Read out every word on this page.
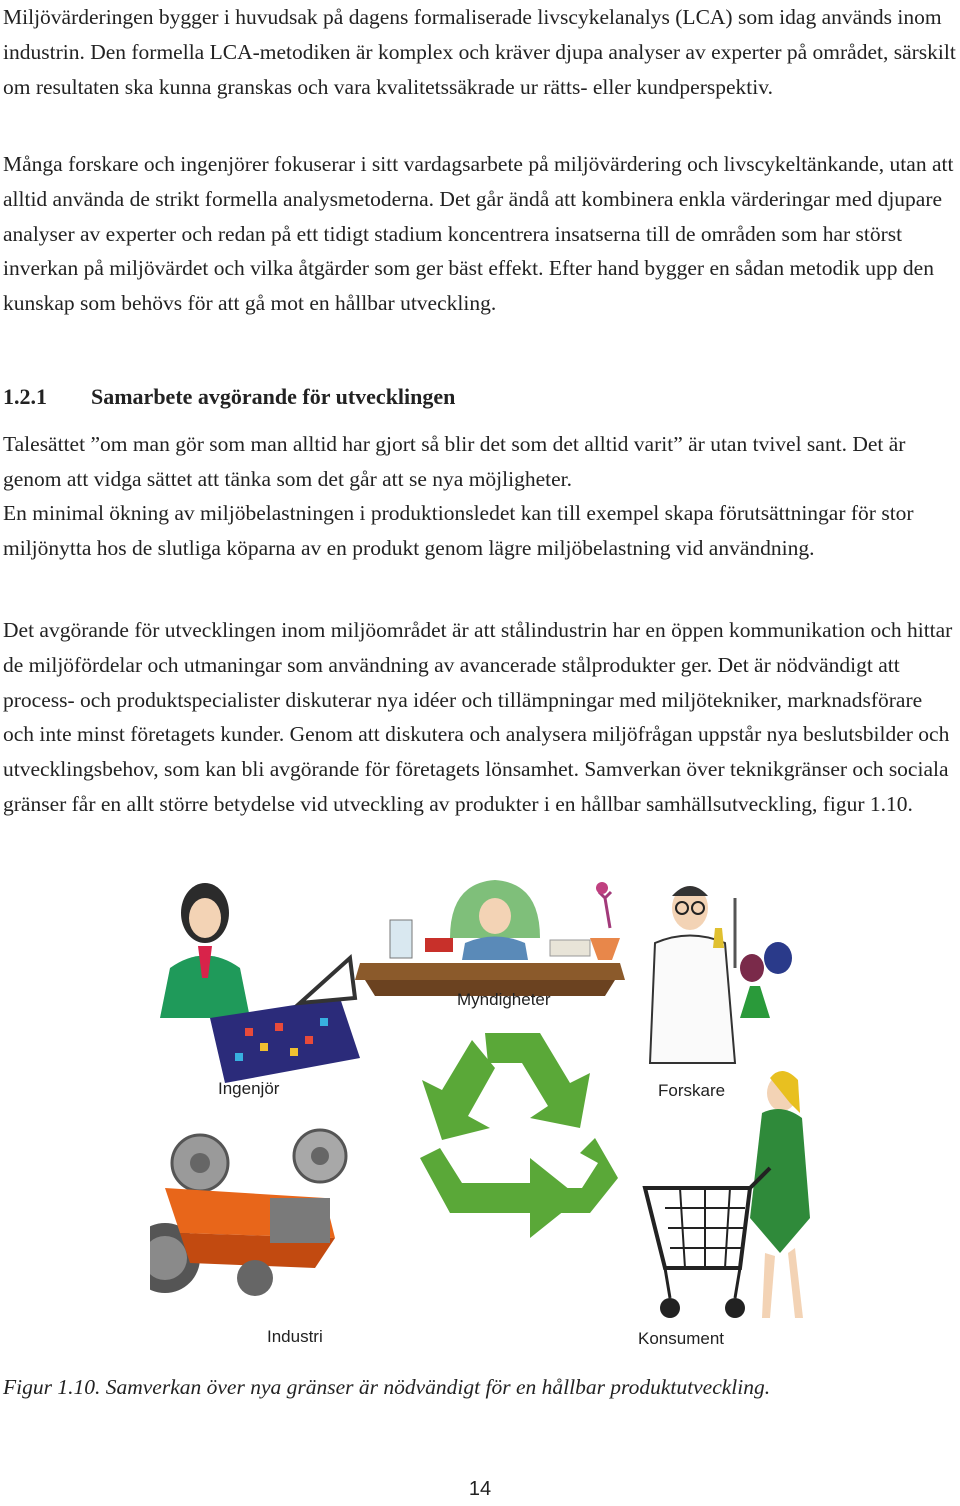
Miljövärderingen bygger i huvudsak på dagens formaliserade livscykelanalys (LCA) som idag används inom industrin. Den formella LCA-metodiken är komplex och kräver djupa analyser av experter på området, särskilt om resultaten ska kunna granskas och vara kvalitetssäkrade ur rätts- eller kundperspektiv.

Många forskare och ingenjörer fokuserar i sitt vardagsarbete på miljövärdering och livscykeltänkande, utan att alltid använda de strikt formella analysmetoderna. Det går ändå att kombinera enkla värderingar med djupare analyser av experter och redan på ett tidigt stadium koncentrera insatserna till de områden som har störst inverkan på miljövärdet och vilka åtgärder som ger bäst effekt. Efter hand bygger en sådan metodik upp den kunskap som behövs för att gå mot en hållbar utveckling.

1.2.1 Samarbete avgörande för utvecklingen

Talesättet ”om man gör som man alltid har gjort så blir det som det alltid varit” är utan tvivel sant. Det är genom att vidga sättet att tänka som det går att se nya möjligheter.

En minimal ökning av miljöbelastningen i produktionsledet kan till exempel skapa förutsättningar för stor miljönytta hos de slutliga köparna av en produkt genom lägre miljöbelastning vid användning.

Det avgörande för utvecklingen inom miljöområdet är att stålindustrin har en öppen kommunikation och hittar de miljöfördelar och utmaningar som användning av avancerade stålprodukter ger. Det är nödvändigt att process- och produktspecialister diskuterar nya idéer och tillämpningar med miljötekniker, marknadsförare och inte minst företagets kunder. Genom att diskutera och analysera miljöfrågan uppstår nya beslutsbilder och utvecklingsbehov, som kan bli avgörande för företagets lönsamhet. Samverkan över teknikgränser och sociala gränser får en allt större betydelse vid utveckling av produkter i en hållbar samhällsutveckling, figur 1.10.

Ingenjör
Myndigheter
Forskare
Industri	Konsument

Figur 1.10. Samverkan över nya gränser är nödvändigt för en hållbar produktutveckling.

14
